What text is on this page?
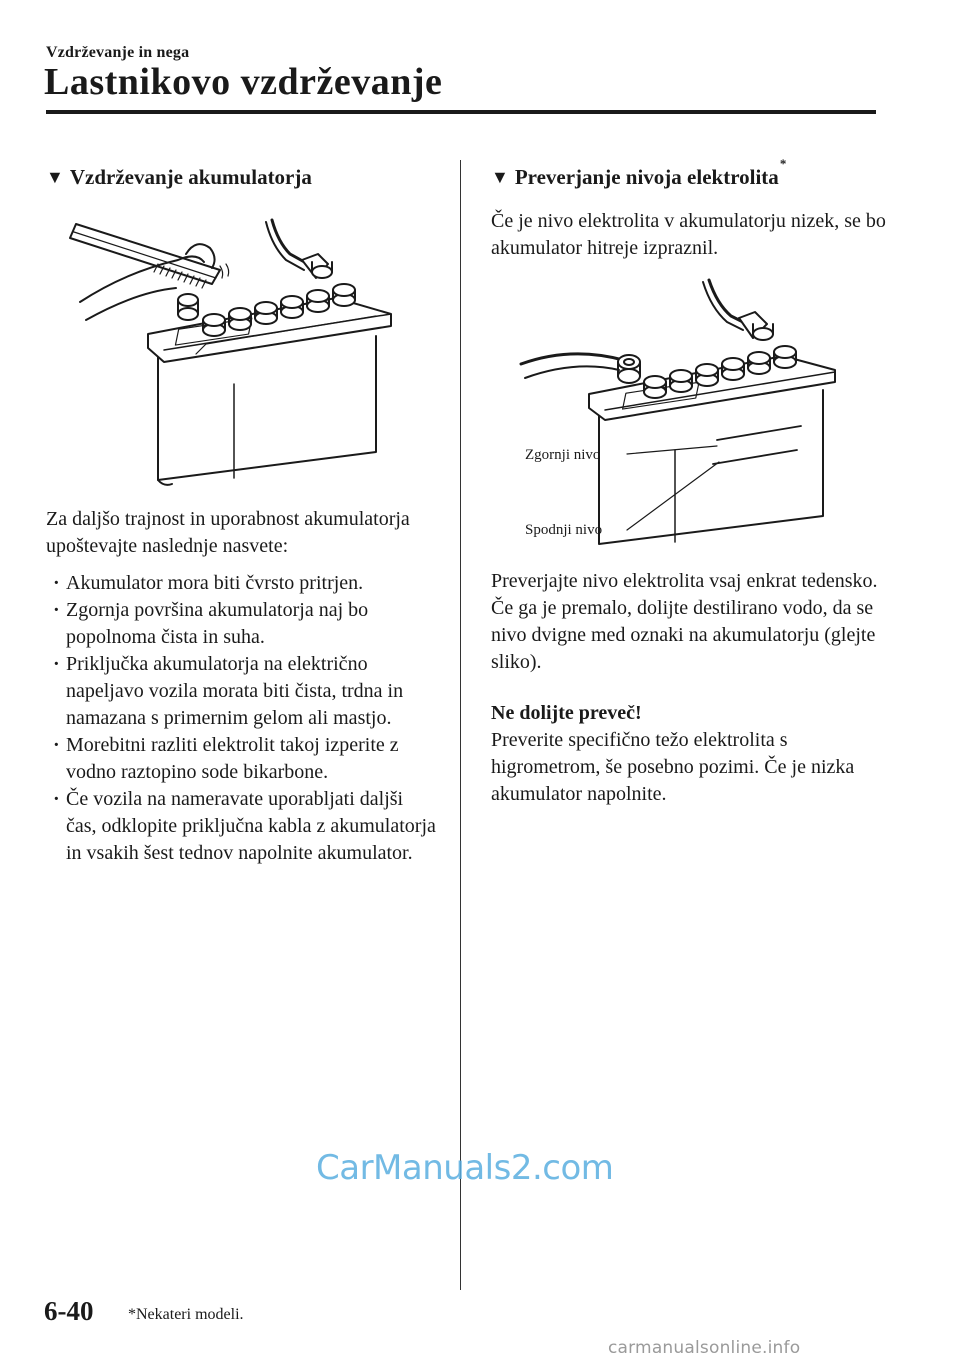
Vzdrževanje in nega
Lastnikovo vzdrževanje
▼ Vzdrževanje akumulatorja

Za daljšo trajnost in uporabnost akumulatorja upoštevajte naslednje nasvete:

· Akumulator mora biti čvrsto pritrjen.
· Zgornja površina akumulatorja naj bo popolnoma čista in suha.
· Priključka akumulatorja na električno napeljavo vozila morata biti čista, trdna in namazana s primernim gelom ali mastjo.
· Morebitni razliti elektrolit takoj izperite z vodno raztopino sode bikarbone.
· Če vozila na nameravate uporabljati daljši čas, odklopite priključna kabla z akumulatorja in vsakih šest tednov napolnite akumulator.
▼ Preverjanje nivoja elektrolita
*

Če je nivo elektrolita v akumulatorju nizek, se bo akumulator hitreje izpraznil.

Zgornji nivo
Spodnji nivo

Preverjajte nivo elektrolita vsaj enkrat tedensko. Če ga je premalo, dolijte destilirano vodo, da se nivo dvigne med oznaki na akumulatorju (glejte sliko).

Ne dolijte preveč!

Preverite specifično težo elektrolita s higrometrom, še posebno pozimi. Če je nizka akumulator napolnite.

CarManuals2.com
6-40 *Nekateri modeli.
carmanualsonline.info
